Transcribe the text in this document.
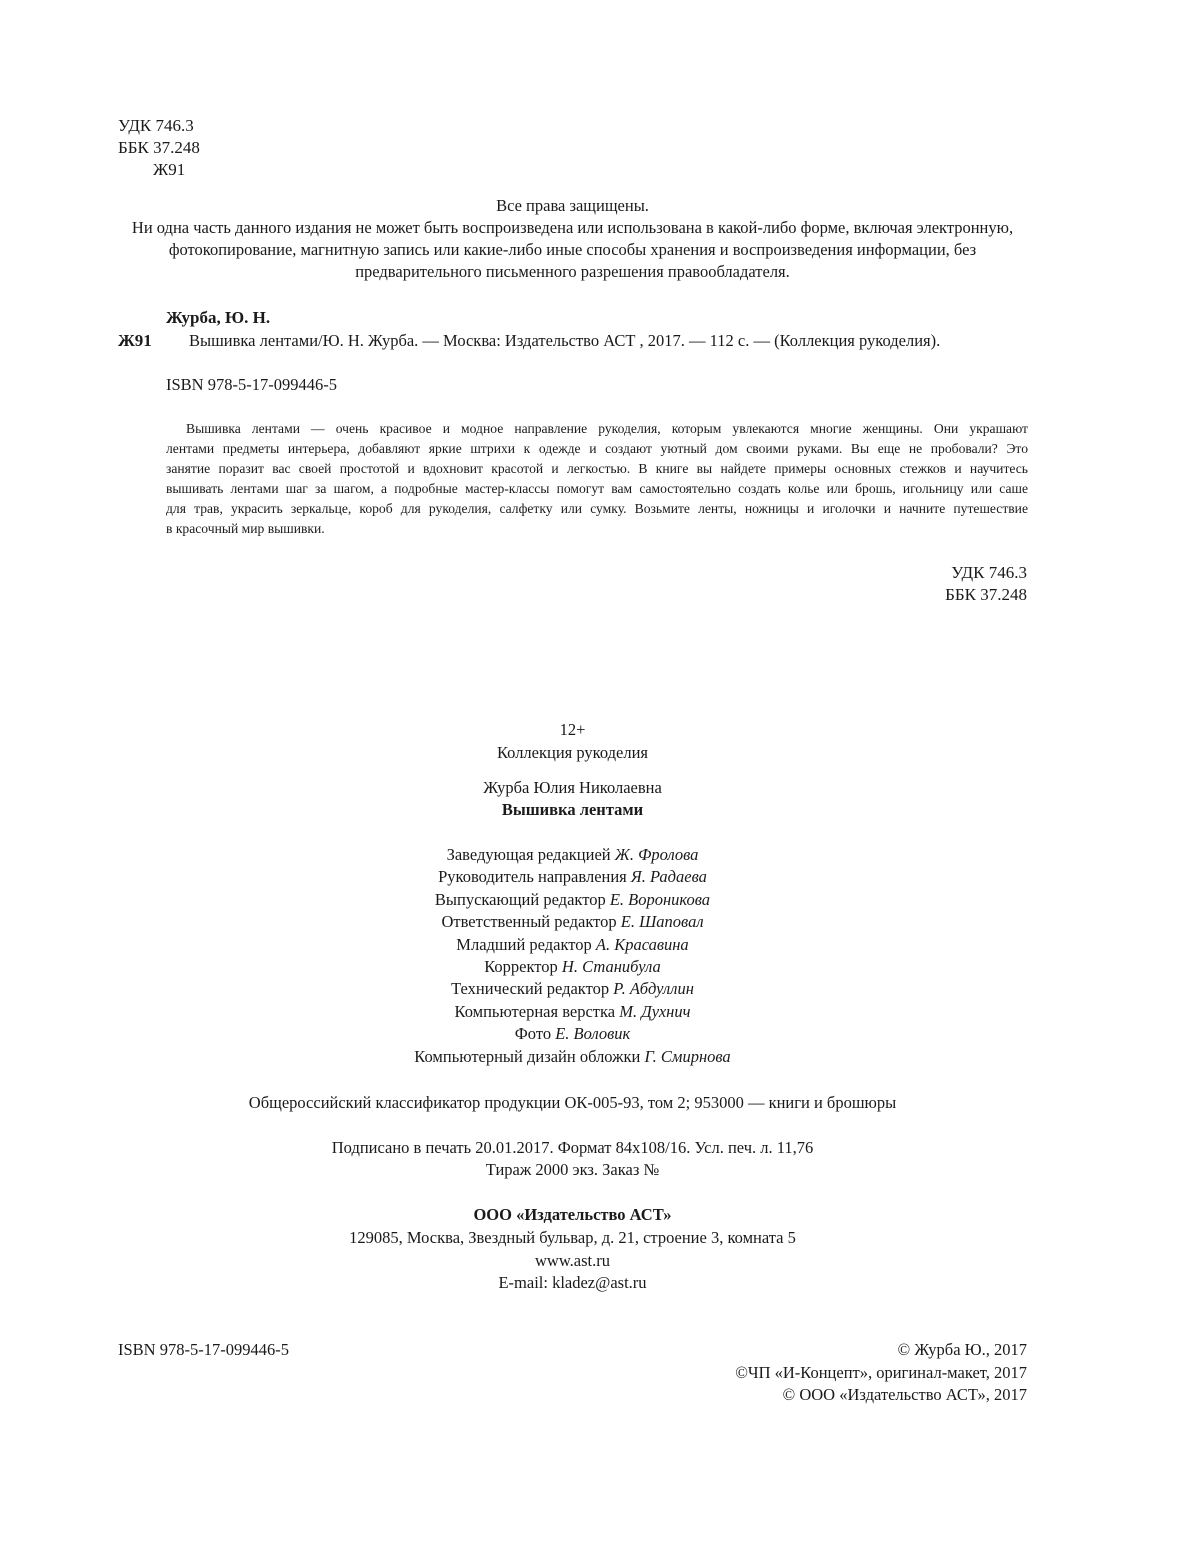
УДК 746.3
ББК 37.248
Ж91
Все права защищены.
Ни одна часть данного издания не может быть воспроизведена или использована в какой-либо форме, включая электронную,
фотокопирование, магнитную запись или какие-либо иные способы хранения и воспроизведения информации, без
предварительного письменного разрешения правообладателя.
Журба, Ю. Н.
Ж91 Вышивка лентами/Ю. Н. Журба. — Москва: Издательство АСТ , 2017. — 112 с. — (Коллекция рукоделия).
ISBN 978-5-17-099446-5
Вышивка лентами — очень красивое и модное направление рукоделия, которым увлекаются многие женщины. Они украшают
лентами предметы интерьера, добавляют яркие штрихи к одежде и создают уютный дом своими руками. Вы еще не пробовали? Это
занятие поразит вас своей простотой и вдохновит красотой и легкостью. В книге вы найдете примеры основных стежков и научитесь
вышивать лентами шаг за шагом, а подробные мастер-классы помогут вам самостоятельно создать колье или брошь, игольницу или саше
для трав, украсить зеркальце, короб для рукоделия, салфетку или сумку. Возьмите ленты, ножницы и иголочки и начните путешествие
в красочный мир вышивки.
УДК 746.3
ББК 37.248
12+
Коллекция рукоделия
Журба Юлия Николаевна
Вышивка лентами
Заведующая редакцией Ж. Фролова
Руководитель направления Я. Радаева
Выпускающий редактор Е. Вороникова
Ответственный редактор Е. Шаповал
Младший редактор А. Красавина
Корректор Н. Станибула
Технический редактор Р. Абдуллин
Компьютерная верстка М. Духнич
Фото Е. Воловик
Компьютерный дизайн обложки Г. Смирнова
Общероссийский классификатор продукции ОК-005-93, том 2; 953000 — книги и брошюры
Подписано в печать 20.01.2017. Формат 84x108/16. Усл. печ. л. 11,76
Тираж 2000 экз. Заказ №
ООО «Издательство АСТ»
129085, Москва, Звездный бульвар, д. 21, строение 3, комната 5
www.ast.ru
E-mail: kladez@ast.ru
ISBN 978-5-17-099446-5	© Журба Ю., 2017
©ЧП «И-Концепт», оригинал-макет, 2017
© ООО «Издательство АСТ», 2017
